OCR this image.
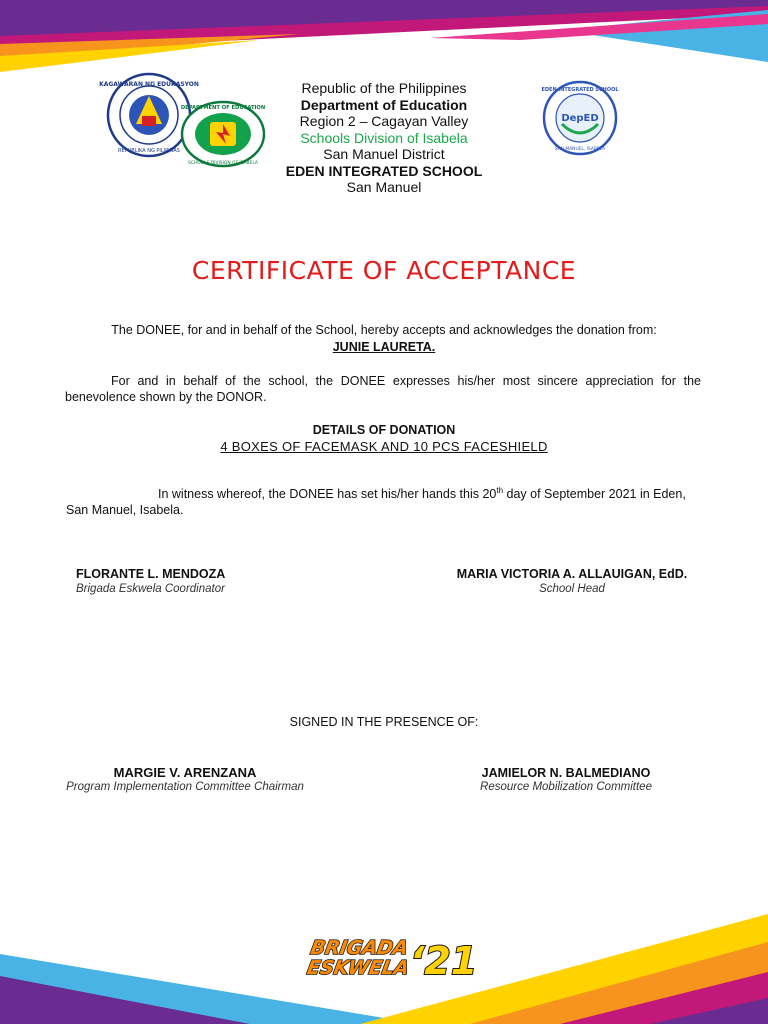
KAGAWARAN NG EDUKASYON
REPUBLIKA NG PILIPINAS
DEPARTMENT OF EDUCATION
SCHOOLS DIVISION OF ISABELA
DepED
EDEN INTEGRATED SCHOOL
SAN MANUEL, ISABELA
Republic of the Philippines
Department of Education
Region 2 – Cagayan Valley
Schools Division of Isabela
San Manuel District
EDEN INTEGRATED SCHOOL
San Manuel
CERTIFICATE OF ACCEPTANCE
The DONEE, for and in behalf of the School, hereby accepts and acknowledges the donation from:
JUNIE LAURETA.
For and in behalf of the school, the DONEE expresses his/her most sincere appreciation for the benevolence shown by the DONOR.
DETAILS OF DONATION
4 BOXES OF FACEMASK AND 10 PCS FACESHIELD
In witness whereof, the DONEE has set his/her hands this 20th day of September 2021 in Eden,
San Manuel, Isabela.
FLORANTE L. MENDOZA
Brigada Eskwela Coordinator
MARIA VICTORIA A. ALLAUIGAN, EdD.
School Head
SIGNED IN THE PRESENCE OF:
MARGIE V. ARENZANA
Program Implementation Committee Chairman
JAMIELOR N. BALMEDIANO
Resource Mobilization Committee
BRIGADA
ESKWELA ‘21
